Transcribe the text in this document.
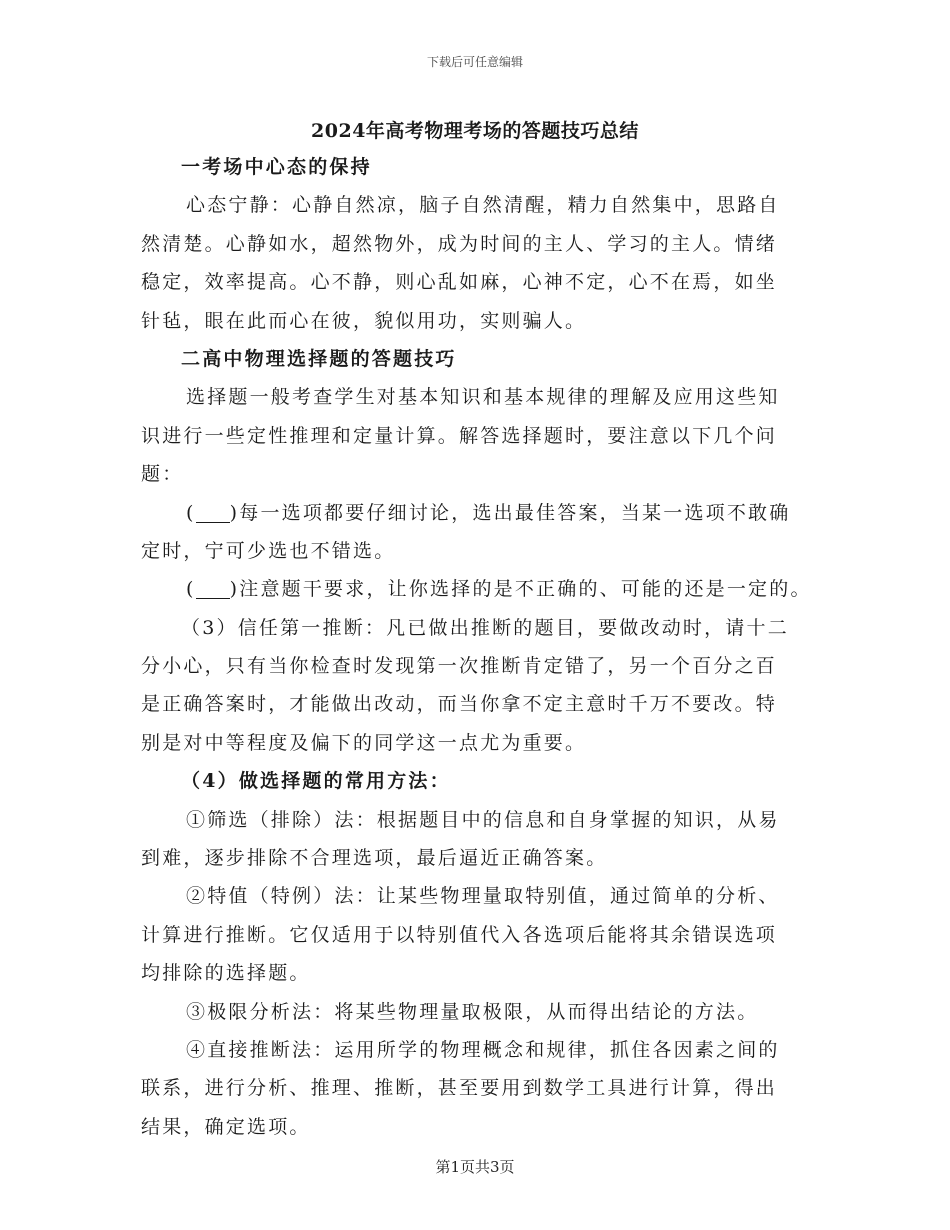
下载后可任意编辑
2024年高考物理考场的答题技巧总结
一考场中心态的保持
心态宁静：心静自然凉，脑子自然清醒，精力自然集中，思路自
然清楚。心静如水，超然物外，成为时间的主人、学习的主人。情绪
稳定，效率提高。心不静，则心乱如麻，心神不定，心不在焉，如坐
针毡，眼在此而心在彼，貌似用功，实则骗人。
二高中物理选择题的答题技巧
选择题一般考查学生对基本知识和基本规律的理解及应用这些知
识进行一些定性推理和定量计算。解答选择题时，要注意以下几个问
题：
( )每一选项都要仔细讨论，选出最佳答案，当某一选项不敢确
定时，宁可少选也不错选。
( )注意题干要求，让你选择的是不正确的、可能的还是一定的。
（3）信任第一推断：凡已做出推断的题目，要做改动时，请十二
分小心，只有当你检查时发现第一次推断肯定错了，另一个百分之百
是正确答案时，才能做出改动，而当你拿不定主意时千万不要改。特
别是对中等程度及偏下的同学这一点尤为重要。
（4）做选择题的常用方法：
①筛选（排除）法：根据题目中的信息和自身掌握的知识，从易
到难，逐步排除不合理选项，最后逼近正确答案。
②特值（特例）法：让某些物理量取特别值，通过简单的分析、
计算进行推断。它仅适用于以特别值代入各选项后能将其余错误选项
均排除的选择题。
③极限分析法：将某些物理量取极限，从而得出结论的方法。
④直接推断法：运用所学的物理概念和规律，抓住各因素之间的
联系，进行分析、推理、推断，甚至要用到数学工具进行计算，得出
结果，确定选项。
第1页共3页
